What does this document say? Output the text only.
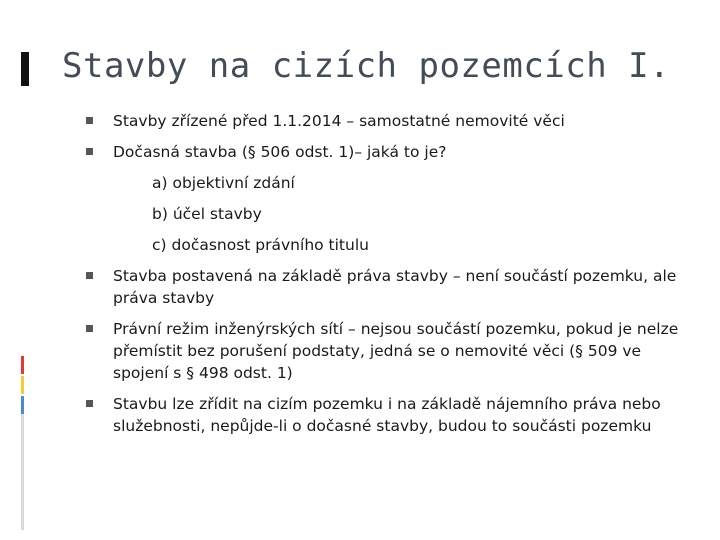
Stavby na cizích pozemcích I.
Stavby zřízené před 1.1.2014 – samostatné nemovité věci
Dočasná stavba (§ 506 odst. 1)– jaká to je?
a) objektivní zdání
b) účel stavby
c) dočasnost právního titulu
Stavba postavená na základě práva stavby – není součástí pozemku, ale práva stavby
Právní režim inženýrských sítí – nejsou součástí pozemku, pokud je nelze přemístit bez porušení podstaty, jedná se o nemovité věci (§ 509 ve spojení s § 498 odst. 1)
Stavbu lze zřídit na cizím pozemku i na základě nájemního práva nebo služebnosti, nepůjde-li o dočasné stavby, budou to součásti pozemku
